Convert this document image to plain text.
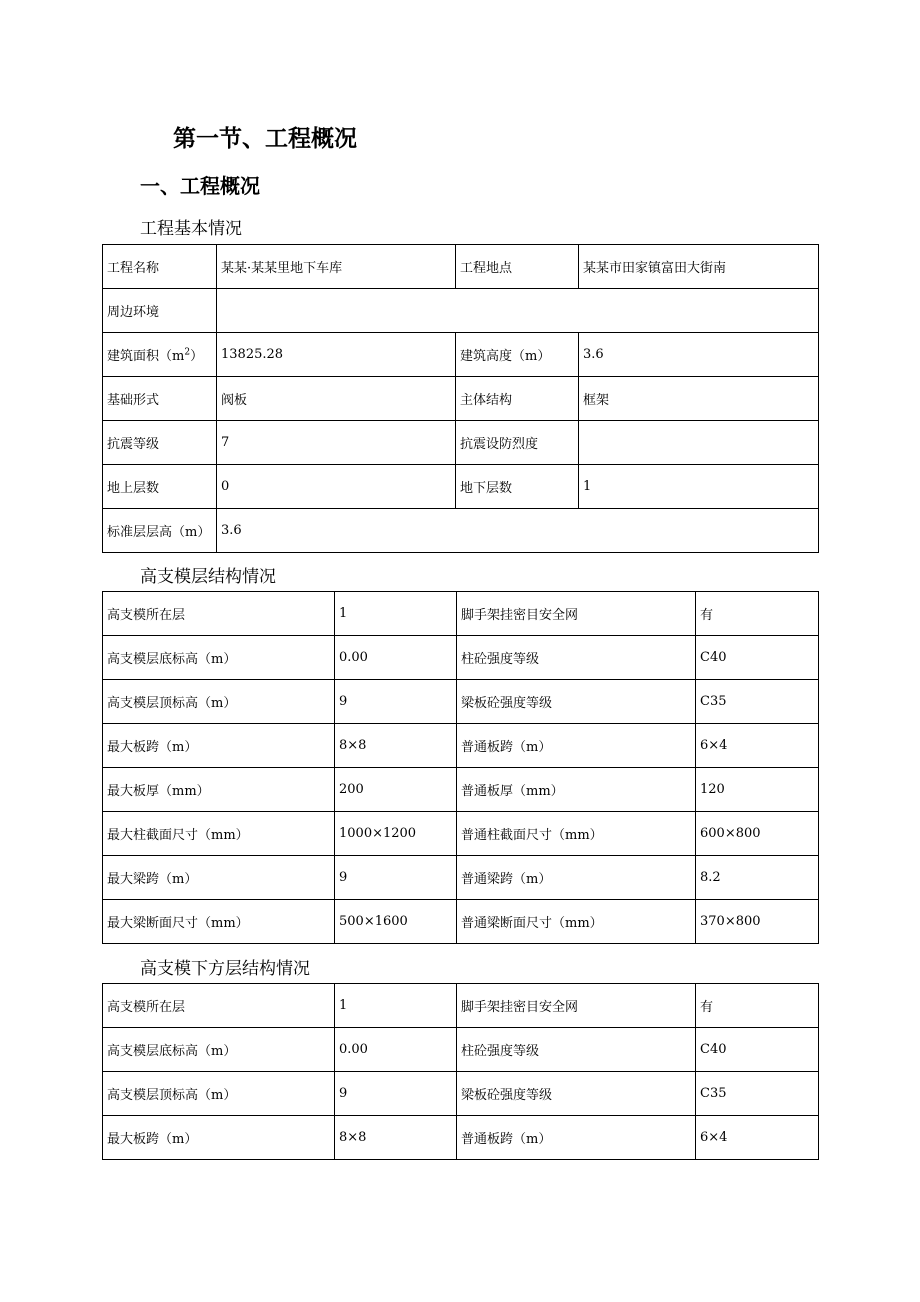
第一节、工程概况
一、工程概况
工程基本情况
工程名称	某某·某某里地下车库	工程地点	某某市田家镇富田大街南
周边环境			
建筑面积$(m^2)$	13825.28	建筑高度（m）	3.6
基础形式	阀板	主体结构	框架
抗震等级	7	抗震设防烈度	
地上层数	0	地下层数	1
标准层层高（m）	3.6		
高支模层结构情况
高支模所在层	1	脚手架挂密目安全网	有
高支模层底标高（m）	0.00	柱砼强度等级	C40
高支模层顶标高（m）	9	梁板砼强度等级	C35
最大板跨（m）	8×8	普通板跨（m）	6×4
最大板厚（mm）	200	普通板厚（mm）	120
最大柱截面尺寸（mm）	1000×1200	普通柱截面尺寸（mm）	600×800
最大梁跨（m）	9	普通梁跨（m）	8.2
最大梁断面尺寸（mm）	500×1600	普通梁断面尺寸（mm）	370×800
高支模下方层结构情况
高支模所在层	1	脚手架挂密目安全网	有
高支模层底标高（m）	0.00	柱砼强度等级	C40
高支模层顶标高（m）	9	梁板砼强度等级	C35
最大板跨（m）	8×8	普通板跨（m）	6×4
